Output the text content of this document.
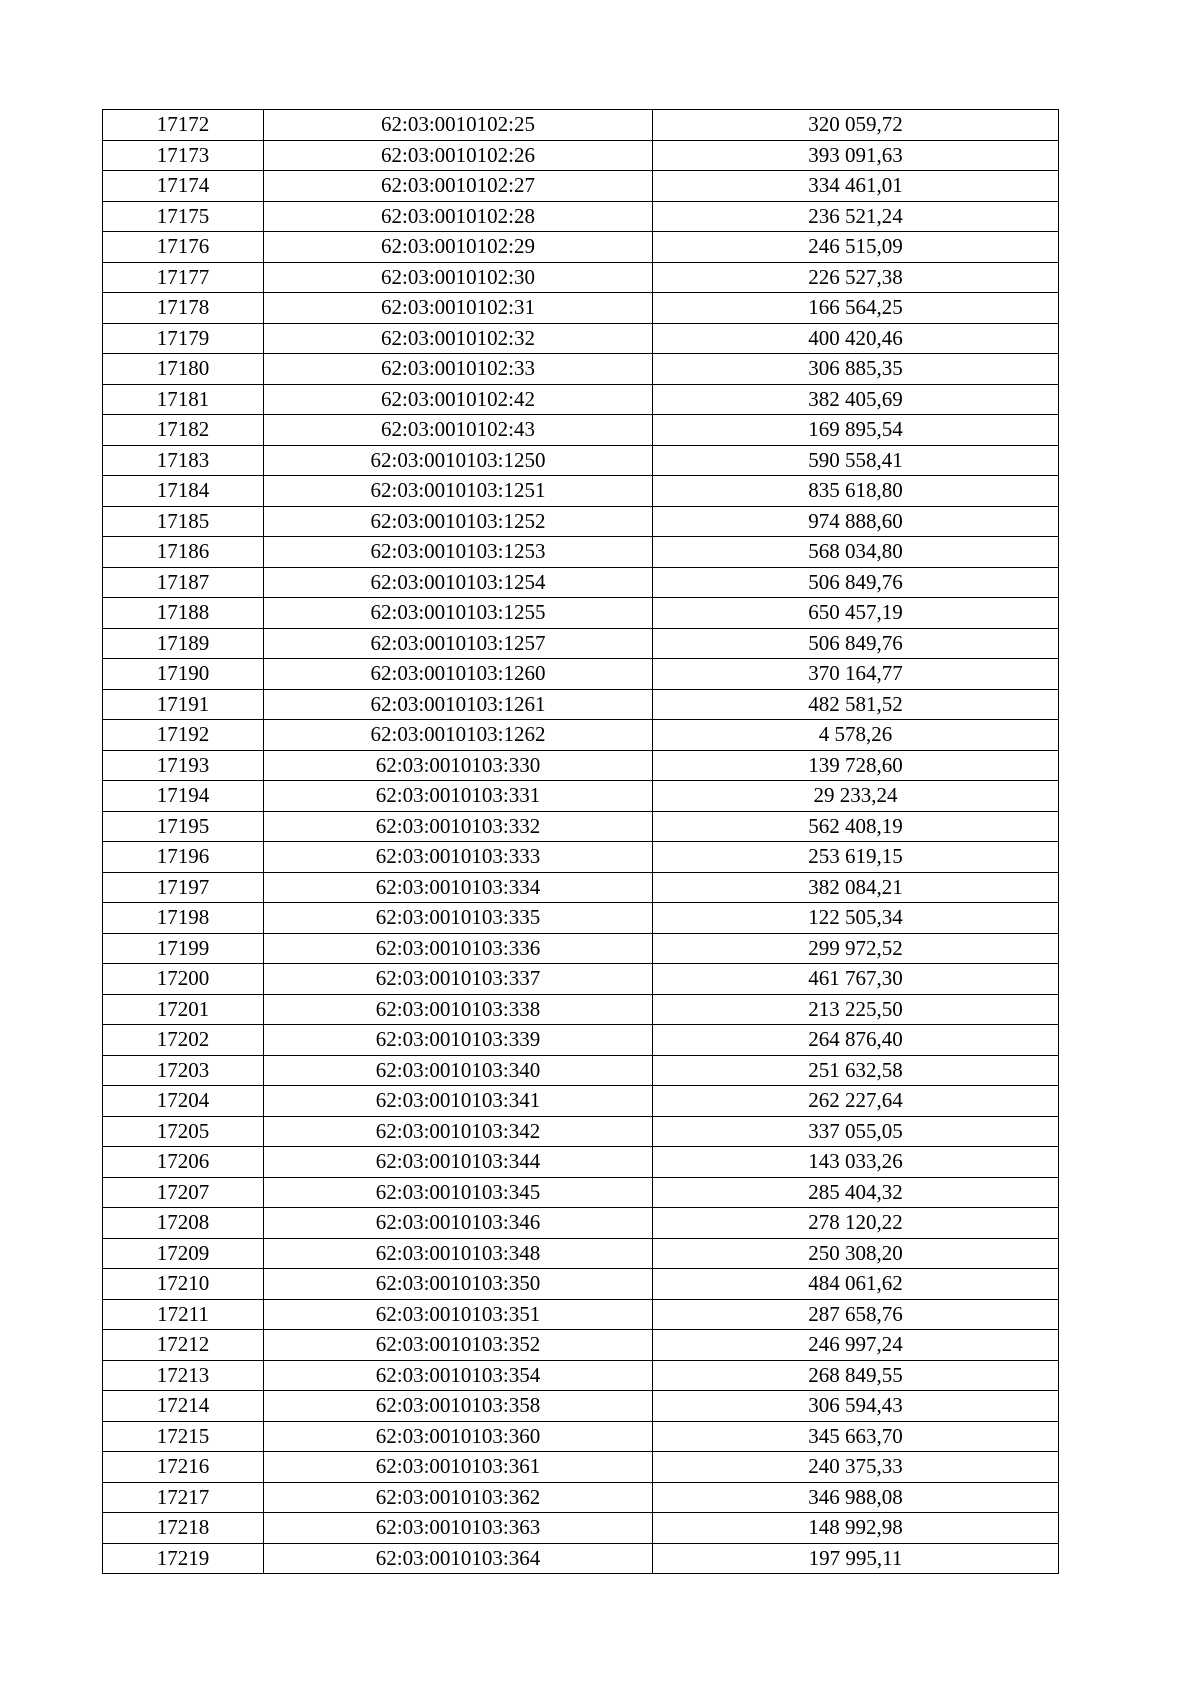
17172	62:03:0010102:25	320 059,72
17173	62:03:0010102:26	393 091,63
17174	62:03:0010102:27	334 461,01
17175	62:03:0010102:28	236 521,24
17176	62:03:0010102:29	246 515,09
17177	62:03:0010102:30	226 527,38
17178	62:03:0010102:31	166 564,25
17179	62:03:0010102:32	400 420,46
17180	62:03:0010102:33	306 885,35
17181	62:03:0010102:42	382 405,69
17182	62:03:0010102:43	169 895,54
17183	62:03:0010103:1250	590 558,41
17184	62:03:0010103:1251	835 618,80
17185	62:03:0010103:1252	974 888,60
17186	62:03:0010103:1253	568 034,80
17187	62:03:0010103:1254	506 849,76
17188	62:03:0010103:1255	650 457,19
17189	62:03:0010103:1257	506 849,76
17190	62:03:0010103:1260	370 164,77
17191	62:03:0010103:1261	482 581,52
17192	62:03:0010103:1262	4 578,26
17193	62:03:0010103:330	139 728,60
17194	62:03:0010103:331	29 233,24
17195	62:03:0010103:332	562 408,19
17196	62:03:0010103:333	253 619,15
17197	62:03:0010103:334	382 084,21
17198	62:03:0010103:335	122 505,34
17199	62:03:0010103:336	299 972,52
17200	62:03:0010103:337	461 767,30
17201	62:03:0010103:338	213 225,50
17202	62:03:0010103:339	264 876,40
17203	62:03:0010103:340	251 632,58
17204	62:03:0010103:341	262 227,64
17205	62:03:0010103:342	337 055,05
17206	62:03:0010103:344	143 033,26
17207	62:03:0010103:345	285 404,32
17208	62:03:0010103:346	278 120,22
17209	62:03:0010103:348	250 308,20
17210	62:03:0010103:350	484 061,62
17211	62:03:0010103:351	287 658,76
17212	62:03:0010103:352	246 997,24
17213	62:03:0010103:354	268 849,55
17214	62:03:0010103:358	306 594,43
17215	62:03:0010103:360	345 663,70
17216	62:03:0010103:361	240 375,33
17217	62:03:0010103:362	346 988,08
17218	62:03:0010103:363	148 992,98
17219	62:03:0010103:364	197 995,11
